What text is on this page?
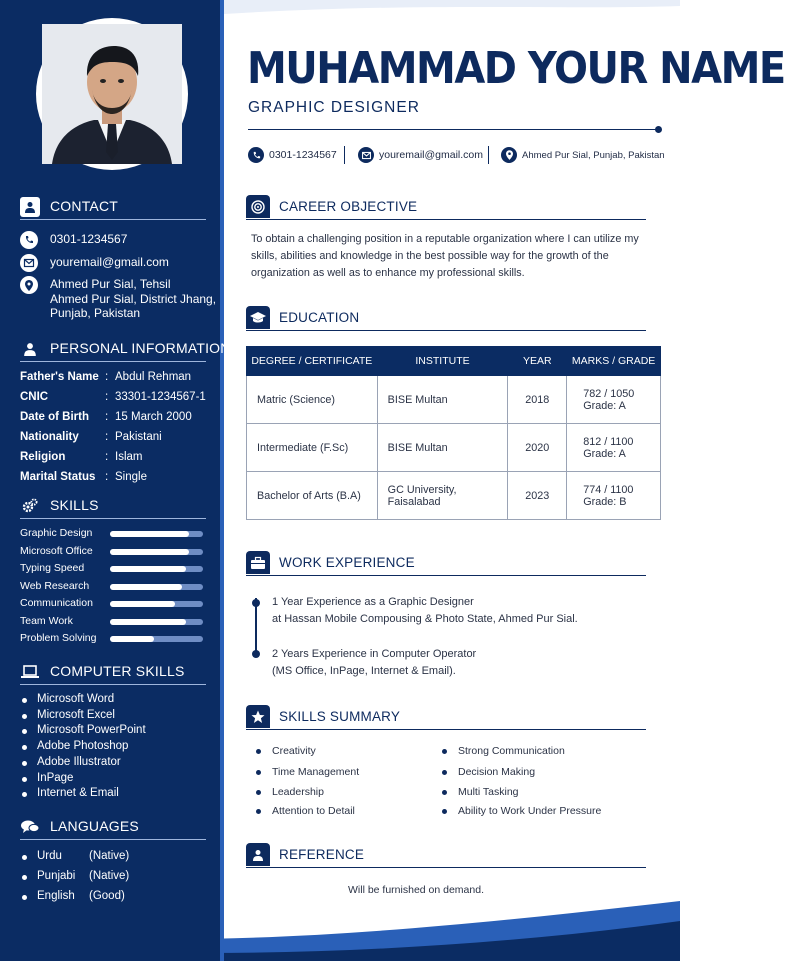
CONTACT
0301-1234567
youremail@gmail.com
Ahmed Pur Sial, Tehsil
Ahmed Pur Sial, District Jhang,
Punjab, Pakistan
PERSONAL INFORMATION
Father's Name : Abdul Rehman
CNIC	: 33301-1234567-1
Date of Birth : 15 March 2000
Nationality : Pakistani
Religion	: Islam
Marital Status : Single
SKILLS
Graphic Design
Microsoft Office
Typing Speed
Web Research
Communication
Team Work
Problem Solving
COMPUTER SKILLS
Microsoft Word
Microsoft Excel
Microsoft PowerPoint
Adobe Photoshop
Adobe Illustrator
InPage
Internet & Email
LANGUAGES
Urdu (Native)
Punjabi (Native)
English (Good)
MUHAMMAD YOUR NAME
GRAPHIC DESIGNER
0301-1234567	youremail@gmail.com	Ahmed Pur Sial, Punjab, Pakistan
CAREER OBJECTIVE
To obtain a challenging position in a reputable organization where I can utilize my skills, abilities and knowledge in the best possible way for the growth of the organization as well as to enhance my professional skills.
EDUCATION
DEGREE / CERTIFICATE	INSTITUTE	YEAR	MARKS / GRADE
Matric (Science)	BISE Multan	2018	782 / 1050
Grade: A

Intermediate (F.Sc)	BISE Multan	2020	812 / 1100
Grade: A

Bachelor of Arts (B.A)	GC University, Faisalabad	2023	774 / 1100
Grade: B
WORK EXPERIENCE
1 Year Experience as a Graphic Designer
at Hassan Mobile Compousing & Photo State, Ahmed Pur Sial.
2 Years Experience in Computer Operator
(MS Office, InPage, Internet & Email).
SKILLS SUMMARY
Creativity
Time Management
Leadership
Attention to Detail
Strong Communication
Decision Making
Multi Tasking
Ability to Work Under Pressure
REFERENCE
Will be furnished on demand.
